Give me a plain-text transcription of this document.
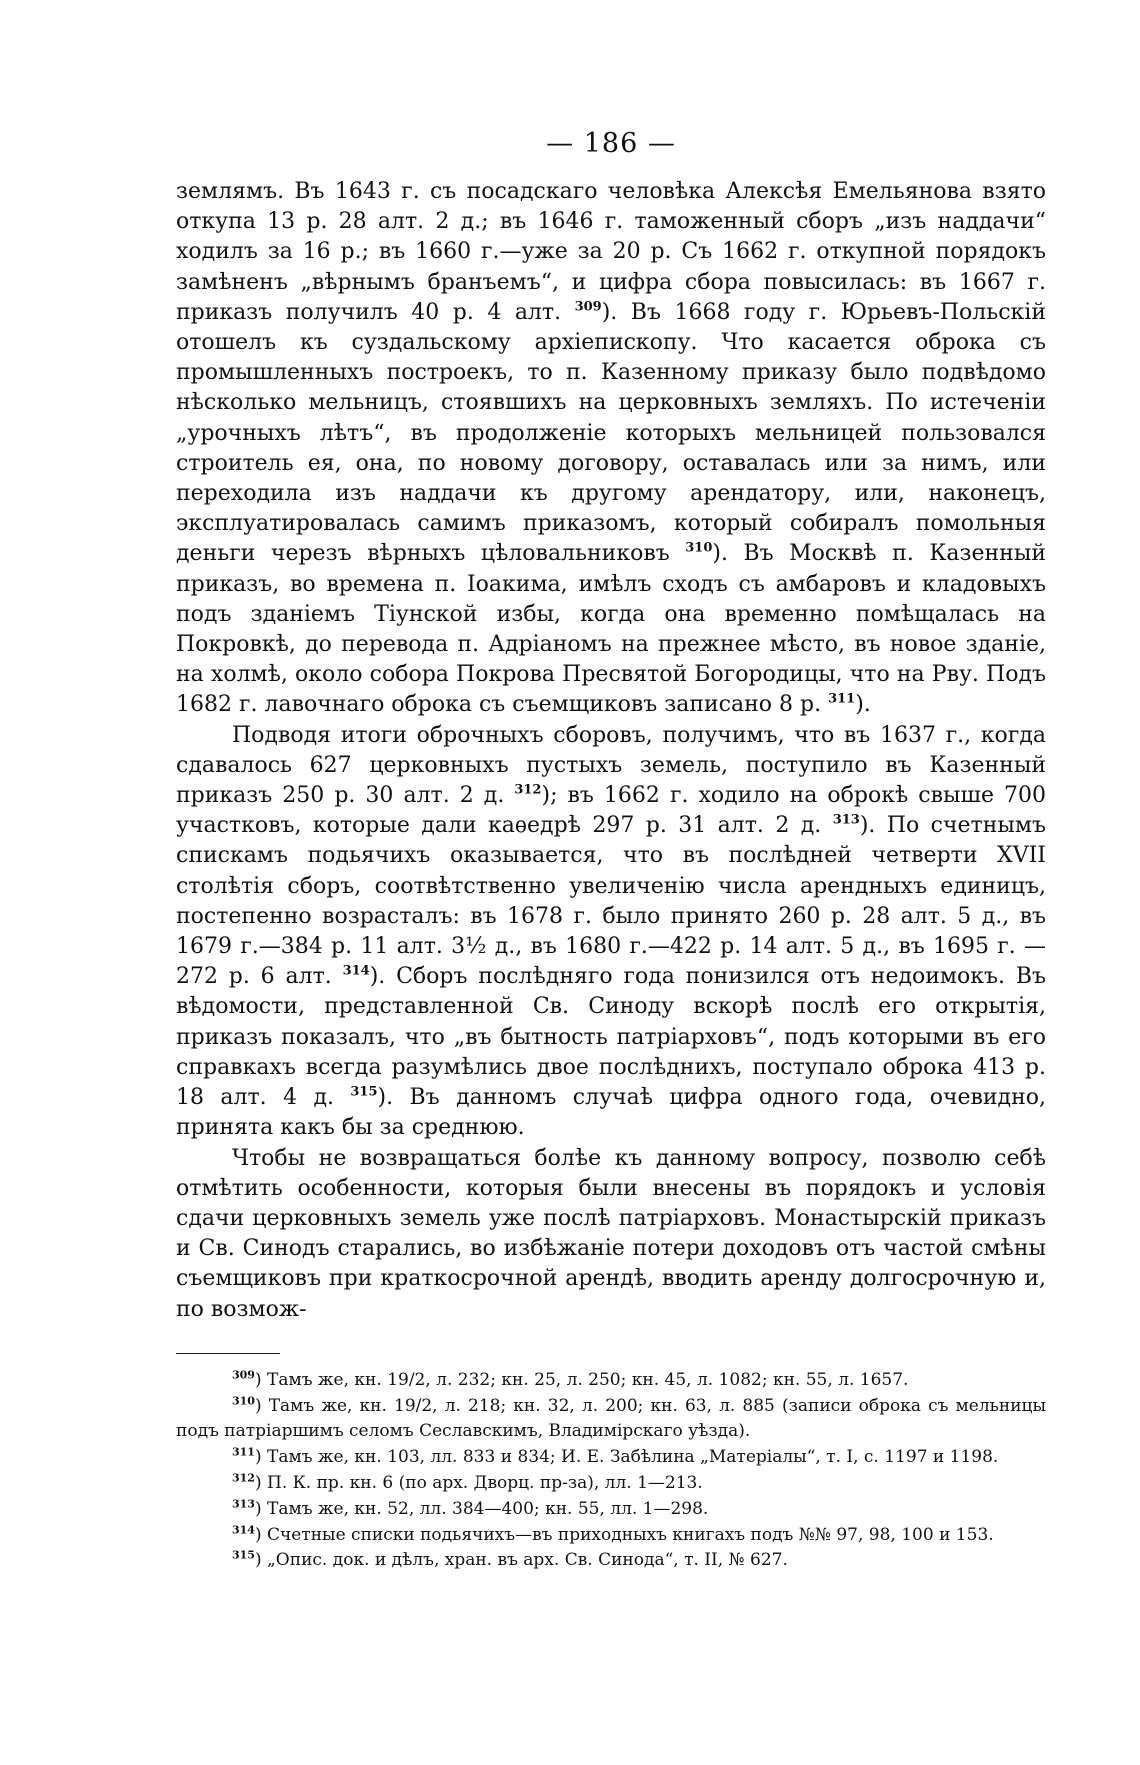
— 186 —

землямъ. Въ 1643 г. съ посадскаго человѣка Алексѣя Емельянова взято откупа 13 р. 28 алт. 2 д.; въ 1646 г. таможенный сборъ „изъ наддачи“ ходилъ за 16 р.; въ 1660 г.—уже за 20 р. Съ 1662 г. откупной порядокъ замѣненъ „вѣрнымъ бранъемъ“, и цифра сбора повысилась: въ 1667 г. приказъ получилъ 40 р. 4 алт. $^{309}$). Въ 1668 году г. Юрьевъ-Польскій отошелъ къ суздальскому архіепископу. Что касается оброка съ промышленныхъ построекъ, то п. Казенному приказу было подвѣдомо нѣсколько мельницъ, стоявшихъ на церковныхъ земляхъ. По истеченіи „урочныхъ лѣтъ“, въ продолженіе которыхъ мельницей пользовался строитель ея, она, по новому договору, оставалась или за нимъ, или переходила изъ наддачи къ другому арендатору, или, наконецъ, эксплуатировалась самимъ приказомъ, который собиралъ помольныя деньги черезъ вѣрныхъ цѣловальниковъ $^{310}$). Въ Москвѣ п. Казенный приказъ, во времена п. Іоакима, имѣлъ сходъ съ амбаровъ и кладовыхъ подъ зданіемъ Тіунской избы, когда она временно помѣщалась на Покровкѣ, до перевода п. Адріаномъ на прежнее мѣсто, въ новое зданіе, на холмѣ, около собора Покрова Пресвятой Богородицы, что на Рву. Подъ 1682 г. лавочнаго оброка съ съемщиковъ записано 8 р. $^{311}$).

Подводя итоги оброчныхъ сборовъ, получимъ, что въ 1637 г., когда сдавалось 627 церковныхъ пустыхъ земель, поступило въ Казенный приказъ 250 р. 30 алт. 2 д. $^{312}$); въ 1662 г. ходило на оброкѣ свыше 700 участковъ, которые дали каѳедрѣ 297 р. 31 алт. 2 д. $^{313}$). По счетнымъ спискамъ подьячихъ оказывается, что въ послѣдней четверти XVII столѣтія сборъ, соотвѣтственно увеличенію числа арендныхъ единицъ, постепенно возрасталъ: въ 1678 г. было принято 260 р. 28 алт. 5 д., въ 1679 г.—384 р. 11 алт. 3½ д., въ 1680 г.—422 р. 14 алт. 5 д., въ 1695 г. — 272 р. 6 алт. $^{314}$). Сборъ послѣдняго года понизился отъ недоимокъ. Въ вѣдомости, представленной Св. Синоду вскорѣ послѣ его открытія, приказъ показалъ, что „въ бытность патріарховъ“, подъ которыми въ его справкахъ всегда разумѣлись двое послѣднихъ, поступало оброка 413 р. 18 алт. 4 д. $^{315}$). Въ данномъ случаѣ цифра одного года, очевидно, принята какъ бы за среднюю.

Чтобы не возвращаться болѣе къ данному вопросу, позволю себѣ отмѣтить особенности, которыя были внесены въ порядокъ и условія сдачи церковныхъ земель уже послѣ патріарховъ. Монастырскій приказъ и Св. Синодъ старались, во избѣжаніе потери доходовъ отъ частой смѣны съемщиковъ при краткосрочной арендѣ, вводить аренду долгосрочную и, по возмож-

$^{309}$) Тамъ же, кн. 19/2, л. 232; кн. 25, л. 250; кн. 45, л. 1082; кн. 55, л. 1657.
$^{310}$) Тамъ же, кн. 19/2, л. 218; кн. 32, л. 200; кн. 63, л. 885 (записи оброка съ мельницы подъ патріаршимъ селомъ Сеславскимъ, Владимірскаго уѣзда).
$^{311}$) Тамъ же, кн. 103, лл. 833 и 834; И. Е. Забѣлина „Матеріалы“, т. I, с. 1197 и 1198.
$^{312}$) П. К. пр. кн. 6 (по арх. Дворц. пр-за), лл. 1—213.
$^{313}$) Тамъ же, кн. 52, лл. 384—400; кн. 55, лл. 1—298.
$^{314}$) Счетные списки подьячихъ—въ приходныхъ книгахъ подъ №№ 97, 98, 100 и 153.
$^{315}$) „Опис. док. и дѣлъ, хран. въ арх. Св. Синода“, т. II, № 627.
